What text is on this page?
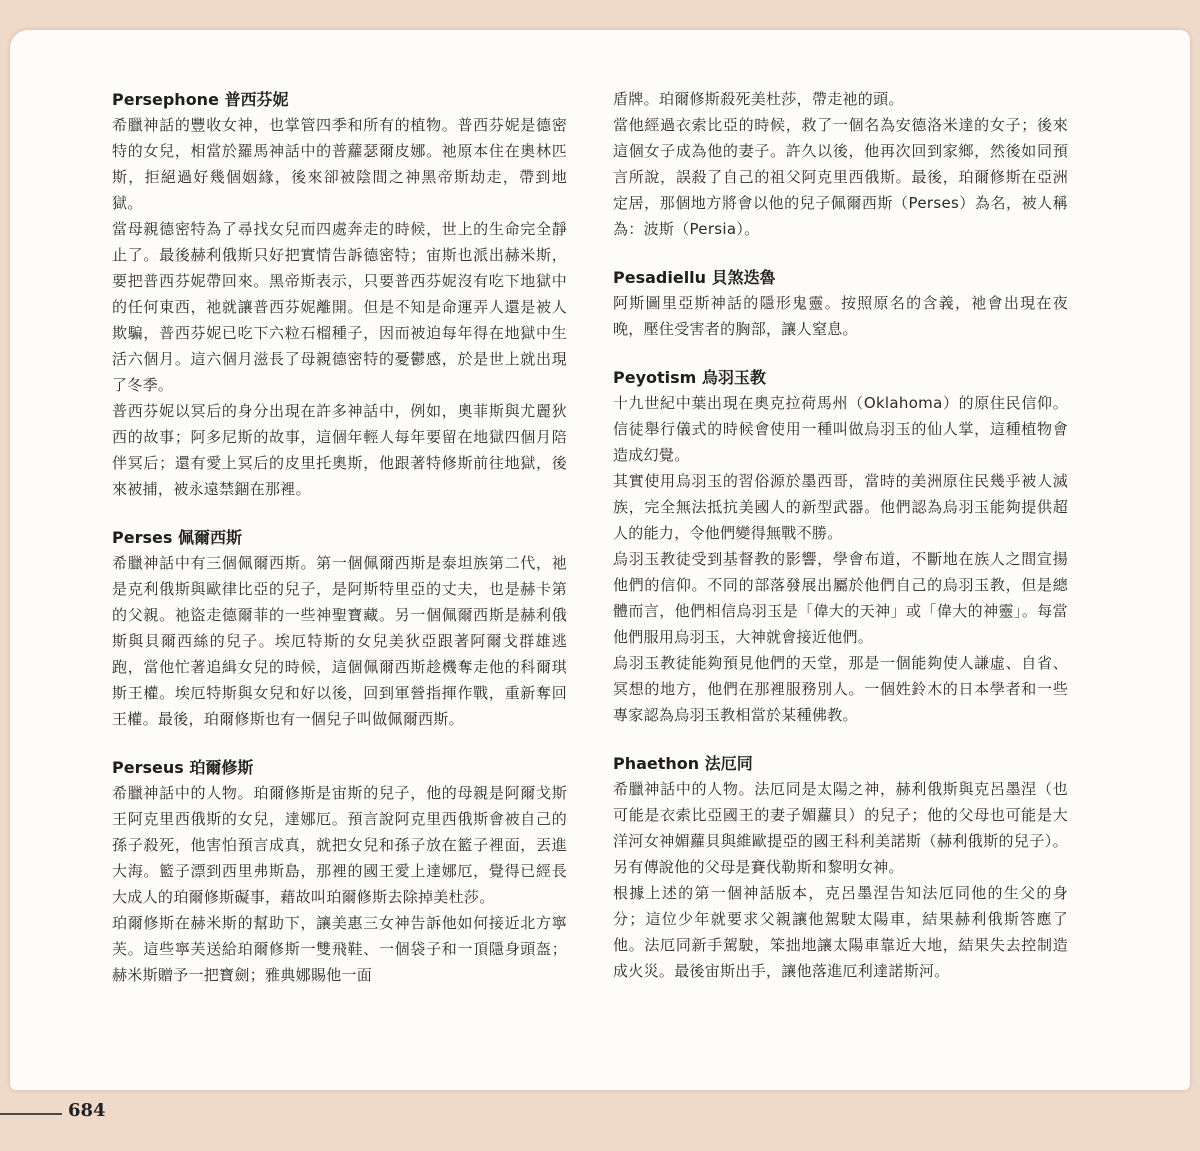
Persephone 普西芬妮

希臘神話的豐收女神，也掌管四季和所有的植物。普西芬妮是德密特的女兒，相當於羅馬神話中的普蘿瑟爾皮娜。祂原本住在奧林匹斯，拒絕過好幾個姻緣，後來卻被陰間之神黑帝斯劫走，帶到地獄。

當母親德密特為了尋找女兒而四處奔走的時候，世上的生命完全靜止了。最後赫利俄斯只好把實情告訴德密特；宙斯也派出赫米斯，要把普西芬妮帶回來。黑帝斯表示，只要普西芬妮沒有吃下地獄中的任何東西，祂就讓普西芬妮離開。但是不知是命運弄人還是被人欺騙，普西芬妮已吃下六粒石榴種子，因而被迫每年得在地獄中生活六個月。這六個月滋長了母親德密特的憂鬱感，於是世上就出現了冬季。

普西芬妮以冥后的身分出現在許多神話中，例如，奧菲斯與尤麗狄西的故事；阿多尼斯的故事，這個年輕人每年要留在地獄四個月陪伴冥后；還有愛上冥后的皮里托奧斯，他跟著特修斯前往地獄，後來被捕，被永遠禁錮在那裡。

Perses 佩爾西斯

希臘神話中有三個佩爾西斯。第一個佩爾西斯是泰坦族第二代，祂是克利俄斯與歐律比亞的兒子，是阿斯特里亞的丈夫，也是赫卡第的父親。祂盜走德爾菲的一些神聖寶藏。另一個佩爾西斯是赫利俄斯與貝爾西絲的兒子。埃厄特斯的女兒美狄亞跟著阿爾戈群雄逃跑，當他忙著追緝女兒的時候，這個佩爾西斯趁機奪走他的科爾琪斯王權。埃厄特斯與女兒和好以後，回到軍營指揮作戰，重新奪回王權。最後，珀爾修斯也有一個兒子叫做佩爾西斯。

Perseus 珀爾修斯

希臘神話中的人物。珀爾修斯是宙斯的兒子，他的母親是阿爾戈斯王阿克里西俄斯的女兒，達娜厄。預言說阿克里西俄斯會被自己的孫子殺死，他害怕預言成真，就把女兒和孫子放在籃子裡面，丟進大海。籃子漂到西里弗斯島，那裡的國王愛上達娜厄，覺得已經長大成人的珀爾修斯礙事，藉故叫珀爾修斯去除掉美杜莎。

珀爾修斯在赫米斯的幫助下，讓美惠三女神告訴他如何接近北方寧芙。這些寧芙送給珀爾修斯一雙飛鞋、一個袋子和一頂隱身頭盔；赫米斯贈予一把寶劍；雅典娜賜他一面

盾牌。珀爾修斯殺死美杜莎，帶走祂的頭。

當他經過衣索比亞的時候，救了一個名為安德洛米達的女子；後來這個女子成為他的妻子。許久以後，他再次回到家鄉，然後如同預言所說，誤殺了自己的祖父阿克里西俄斯。最後，珀爾修斯在亞洲定居，那個地方將會以他的兒子佩爾西斯（Perses）為名，被人稱為：波斯（Persia）。

Pesadiellu 貝煞迭魯

阿斯圖里亞斯神話的隱形鬼靈。按照原名的含義，祂會出現在夜晚，壓住受害者的胸部，讓人窒息。

Peyotism 烏羽玉教

十九世紀中葉出現在奧克拉荷馬州（Oklahoma）的原住民信仰。信徒舉行儀式的時候會使用一種叫做烏羽玉的仙人掌，這種植物會造成幻覺。

其實使用烏羽玉的習俗源於墨西哥，當時的美洲原住民幾乎被人滅族，完全無法抵抗美國人的新型武器。他們認為烏羽玉能夠提供超人的能力，令他們變得無戰不勝。

烏羽玉教徒受到基督教的影響，學會布道，不斷地在族人之間宣揚他們的信仰。不同的部落發展出屬於他們自己的烏羽玉教，但是總體而言，他們相信烏羽玉是「偉大的天神」或「偉大的神靈」。每當他們服用烏羽玉，大神就會接近他們。

烏羽玉教徒能夠預見他們的天堂，那是一個能夠使人謙虛、自省、冥想的地方，他們在那裡服務別人。一個姓鈴木的日本學者和一些專家認為烏羽玉教相當於某種佛教。

Phaethon 法厄同

希臘神話中的人物。法厄同是太陽之神，赫利俄斯與克呂墨涅（也可能是衣索比亞國王的妻子媚蘿貝）的兒子；他的父母也可能是大洋河女神媚蘿貝與維歐提亞的國王科利美諾斯（赫利俄斯的兒子）。另有傳說他的父母是賽伐勒斯和黎明女神。

根據上述的第一個神話版本，克呂墨涅告知法厄同他的生父的身分；這位少年就要求父親讓他駕駛太陽車，結果赫利俄斯答應了他。法厄同新手駕駛，笨拙地讓太陽車靠近大地，結果失去控制造成火災。最後宙斯出手，讓他落進厄利達諾斯河。

684
